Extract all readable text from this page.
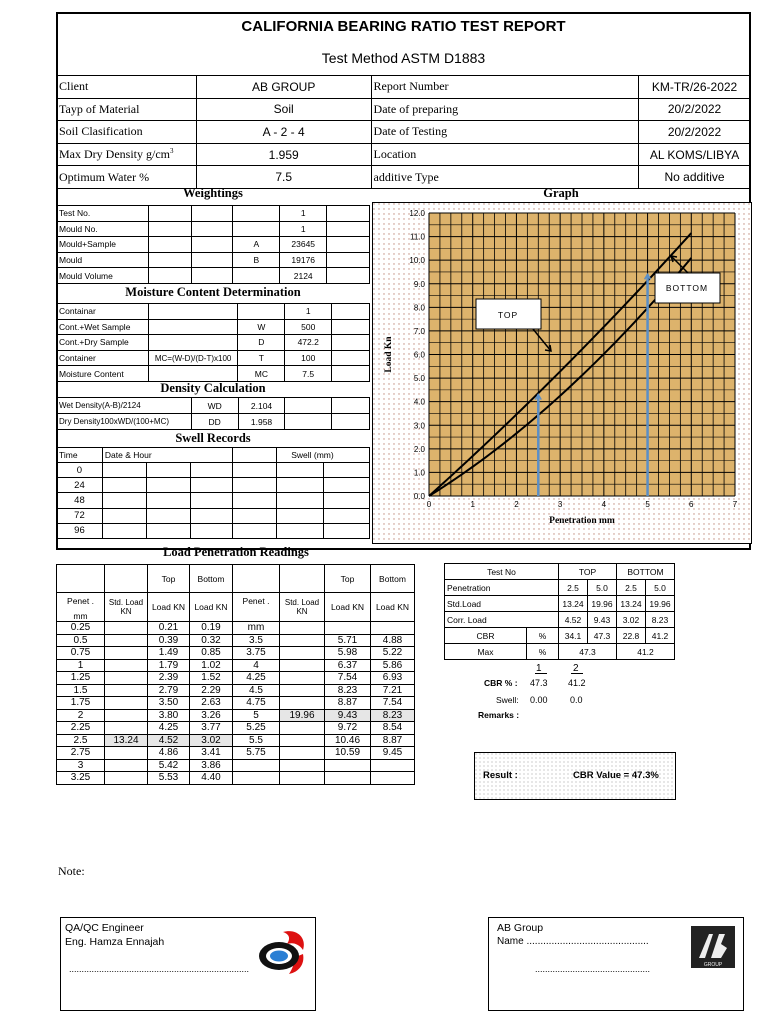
CALIFORNIA BEARING RATIO TEST REPORT
Test Method ASTM D1883
Client	AB GROUP	Report Number	KM-TR/26-2022
Tayp of Material	Soil	Date of preparing	20/2/2022
Soil Clasification	A - 2 - 4	Date of Testing	20/2/2022
Max Dry Density $g/cm^3$	1.959	Location	AL KOMS/LIBYA
Optimum Water %	7.5	additive Type	No additive
Weightings	Graph
Test No.				1	
Mould No.				1	
Mould+Sample			A	23645	
Mould			B	19176	
Mould Volume				2124	
Moisture Content Determination
Containar			1	
Cont.+Wet Sample		W	500	
Cont.+Dry Sample		D	472.2	
Container	MC=(W-D)/(D-T)x100	T	100	
Moisture Content		MC	7.5	
Density Calculation
Wet Density(A-B)/2124	WD	2.104		
Dry Density100xWD/(100+MC)	DD	1.958		
Swell Records
Time	Date & Hour				Swell (mm)	
0						
24						
48						
72						
96						
0.0
1.0
2.0
3.0
4.0
5.0
6.0
7.0
8.0
9.0
10.0
11.0
12.0
0	1	2	3	4	5	6	7
Load Kn
Penetration mm
TOP
BOTTOM
Load Penetration Readings
		Top	Bottom			Top	Bottom

Penet .
mm	Std. Load KN	Load KN	Load KN	Penet .	Std. Load KN	Load KN	Load KN
0.25		0.21	0.19	mm			
0.5		0.39	0.32	3.5		5.71	4.88
0.75		1.49	0.85	3.75		5.98	5.22
1		1.79	1.02	4		6.37	5.86
1.25		2.39	1.52	4.25		7.54	6.93
1.5		2.79	2.29	4.5		8.23	7.21
1.75		3.50	2.63	4.75		8.87	7.54
2		3.80	3.26	5	19.96	9.43	8.23
2.25		4.25	3.77	5.25		9.72	8.54
2.5	13.24	4.52	3.02	5.5		10.46	8.87
2.75		4.86	3.41	5.75		10.59	9.45
3		5.42	3.86				
3.25		5.53	4.40				
Test No		TOP		BOTTOM	
Penetration		2.5	5.0	2.5	5.0
Std.Load		13.24	19.96	13.24	19.96
Corr. Load		4.52	9.43	3.02	8.23
CBR	%	34.1	47.3	22.8	41.2
Max	%	47.3		41.2	
1	2
CBR % : 47.3 41.2
Swell: 0.00 0.0
Remarks :
Result :	CBR Value = 47.3%
Note:
QA/QC Engineer
Eng. Hamza Ennajah
........................................................................
AB Group
Name ............................................
..............................................	GROUP
